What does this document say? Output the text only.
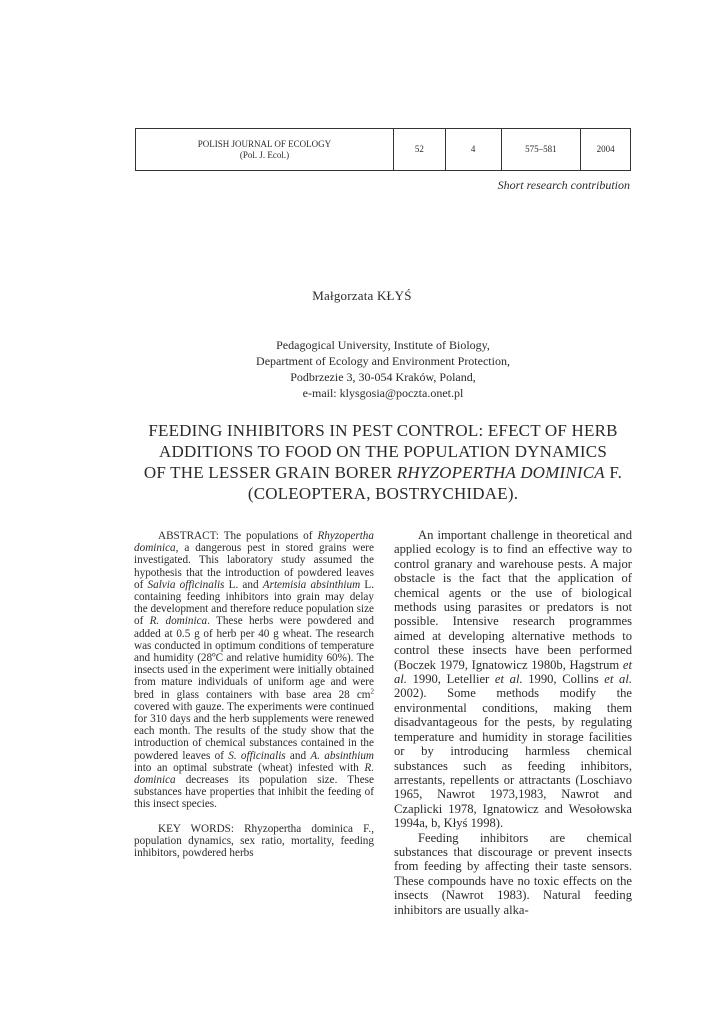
POLISH JOURNAL OF ECOLOGY
(Pol. J. Ecol.)
52	4	575–581	2004
Short research contribution
Małgorzata KŁYŚ
Pedagogical University, Institute of Biology,
Department of Ecology and Environment Protection,
Podbrzezie 3, 30-054 Kraków, Poland,
e-mail: klysgosia@poczta.onet.pl
FEEDING INHIBITORS IN PEST CONTROL: EFECT OF HERB
ADDITIONS TO FOOD ON THE POPULATION DYNAMICS
OF THE LESSER GRAIN BORER RHYZOPERTHA DOMINICA F.
(COLEOPTERA, BOSTRYCHIDAE).

ABSTRACT: The populations of Rhyzopertha dominica, a dangerous pest in stored grains were investigated. This laboratory study assumed the hypothesis that the introduction of powdered leaves of Salvia officinalis L. and Artemisia absinthium L. containing feeding inhibitors into grain may delay the development and therefore reduce population size of R. dominica. These herbs were powdered and added at 0.5 g of herb per 40 g wheat. The research was conducted in optimum conditions of temperature and humidity (28ºC and relative humidity 60%). The insects used in the experiment were initially obtained from mature individuals of uniform age and were bred in glass containers with base area 28 $cm^2$ covered with gauze. The experiments were continued for 310 days and the herb supplements were renewed each month. The results of the study show that the introduction of chemical substances contained in the powdered leaves of S. officinalis and A. absinthium into an optimal substrate (wheat) infested with R. dominica decreases its population size. These substances have properties that inhibit the feeding of this insect species.

KEY WORDS: Rhyzopertha dominica F., population dynamics, sex ratio, mortality, feeding inhibitors, powdered herbs

An important challenge in theoretical and applied ecology is to find an effective way to control granary and warehouse pests. A major obstacle is the fact that the application of chemical agents or the use of biological methods using parasites or predators is not possible. Intensive research programmes aimed at developing alternative methods to control these insects have been performed (Boczek 1979, Ignatowicz 1980b, Hagstrum et al. 1990, Letellier et al. 1990, Collins et al. 2002). Some methods modify the environmental conditions, making them disadvantageous for the pests, by regulating temperature and humidity in storage facilities or by introducing harmless chemical substances such as feeding inhibitors, arrestants, repellents or attractants (Loschiavo 1965, Nawrot 1973,1983, Nawrot and Czaplicki 1978, Ignatowicz and Wesołowska 1994a, b, Kłyś 1998).

Feeding inhibitors are chemical substances that discourage or prevent insects from feeding by affecting their taste sensors. These compounds have no toxic effects on the insects (Nawrot 1983). Natural feeding inhibitors are usually alka-
